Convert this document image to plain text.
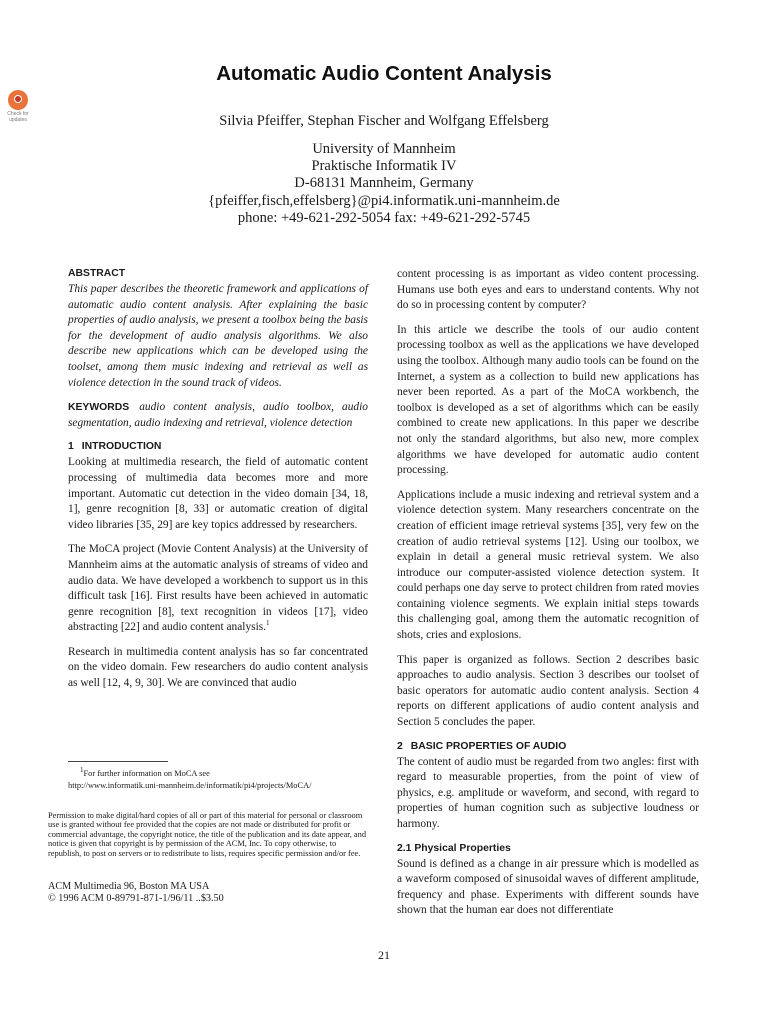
Automatic Audio Content Analysis
Check for updates	Silvia Pfeiffer, Stephan Fischer and Wolfgang Effelsberg
University of Mannheim
Praktische Informatik IV
D-68131 Mannheim, Germany
{pfeiffer,fisch,effelsberg}@pi4.informatik.uni-mannheim.de
phone: +49-621-292-5054 fax: +49-621-292-5745
ABSTRACT

This paper describes the theoretic framework and applications of automatic audio content analysis. After explaining the basic properties of audio analysis, we present a toolbox being the basis for the development of audio analysis algorithms. We also describe new applications which can be developed using the toolset, among them music indexing and retrieval as well as violence detection in the sound track of videos.

KEYWORDS audio content analysis, audio toolbox, audio segmentation, audio indexing and retrieval, violence detection

1 INTRODUCTION

Looking at multimedia research, the field of automatic content processing of multimedia data becomes more and more important. Automatic cut detection in the video domain [34, 18, 1], genre recognition [8, 33] or automatic creation of digital video libraries [35, 29] are key topics addressed by researchers.

The MoCA project (Movie Content Analysis) at the University of Mannheim aims at the automatic analysis of streams of video and audio data. We have developed a workbench to support us in this difficult task [16]. First results have been achieved in automatic genre recognition [8], text recognition in videos [17], video abstracting [22] and audio content analysis.$^1$

Research in multimedia content analysis has so far concentrated on the video domain. Few researchers do audio content analysis as well [12, 4, 9, 30]. We are convinced that audio

$^1$For further information on MoCA see
http://www.informatik.uni-mannheim.de/informatik/pi4/projects/MoCA/

Permission to make digital/hard copies of all or part of this material for personal or classroom use is granted without fee provided that the copies are not made or distributed for profit or commercial advantage, the copyright notice, the title of the publication and its date appear, and notice is given that copyright is by permission of the ACM, Inc. To copy otherwise, to republish, to post on servers or to redistribute to lists, requires specific permission and/or fee.

ACM Multimedia 96, Boston MA USA
© 1996 ACM 0-89791-871-1/96/11 ..$3.50

content processing is as important as video content processing. Humans use both eyes and ears to understand contents. Why not do so in processing content by computer?

In this article we describe the tools of our audio content processing toolbox as well as the applications we have developed using the toolbox. Although many audio tools can be found on the Internet, a system as a collection to build new applications has never been reported. As a part of the MoCA workbench, the toolbox is developed as a set of algorithms which can be easily combined to create new applications. In this paper we describe not only the standard algorithms, but also new, more complex algorithms we have developed for automatic audio content processing.

Applications include a music indexing and retrieval system and a violence detection system. Many researchers concentrate on the creation of efficient image retrieval systems [35], very few on the creation of audio retrieval systems [12]. Using our toolbox, we explain in detail a general music retrieval system. We also introduce our computer-assisted violence detection system. It could perhaps one day serve to protect children from rated movies containing violence segments. We explain initial steps towards this challenging goal, among them the automatic recognition of shots, cries and explosions.

This paper is organized as follows. Section 2 describes basic approaches to audio analysis. Section 3 describes our toolset of basic operators for automatic audio content analysis. Section 4 reports on different applications of audio content analysis and Section 5 concludes the paper.

2 BASIC PROPERTIES OF AUDIO

The content of audio must be regarded from two angles: first with regard to measurable properties, from the point of view of physics, e.g. amplitude or waveform, and second, with regard to properties of human cognition such as subjective loudness or harmony.

2.1 Physical Properties

Sound is defined as a change in air pressure which is modelled as a waveform composed of sinusoidal waves of different amplitude, frequency and phase. Experiments with different sounds have shown that the human ear does not differentiate

21
